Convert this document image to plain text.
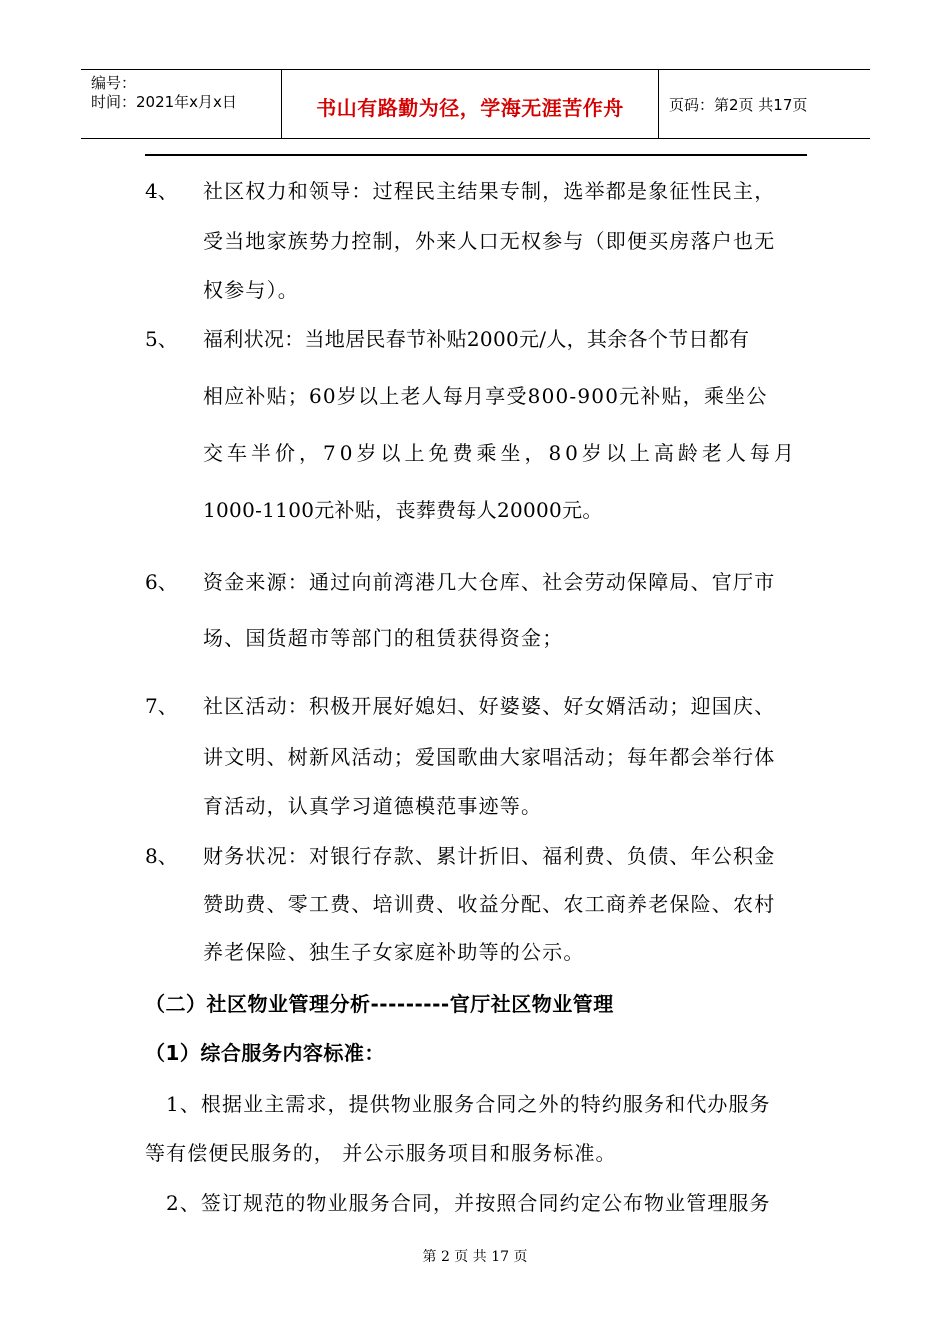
编号：
时间：2021年x月x日	书山有路勤为径，学海无涯苦作舟	页码：第2页 共17页
4、 社区权力和领导：过程民主结果专制，选举都是象征性民主，
受当地家族势力控制，外来人口无权参与（即便买房落户也无
权参与）。
5、 福利状况：当地居民春节补贴2000元/人，其余各个节日都有
相应补贴；60岁以上老人每月享受800-900元补贴，乘坐公
交车半价，70岁以上免费乘坐，80岁以上高龄老人每月
1000-1100元补贴，丧葬费每人20000元。
6、 资金来源：通过向前湾港几大仓库、社会劳动保障局、官厅市
场、国货超市等部门的租赁获得资金；
7、 社区活动：积极开展好媳妇、好婆婆、好女婿活动；迎国庆、
讲文明、树新风活动；爱国歌曲大家唱活动；每年都会举行体
育活动，认真学习道德模范事迹等。
8、 财务状况：对银行存款、累计折旧、福利费、负债、年公积金
赞助费、零工费、培训费、收益分配、农工商养老保险、农村
养老保险、独生子女家庭补助等的公示。
（二）社区物业管理分析---------官厅社区物业管理
（1）综合服务内容标准：
1、根据业主需求，提供物业服务合同之外的特约服务和代办服务
等有偿便民服务的， 并公示服务项目和服务标准。
2、签订规范的物业服务合同，并按照合同约定公布物业管理服务
第 2 页 共 17 页
